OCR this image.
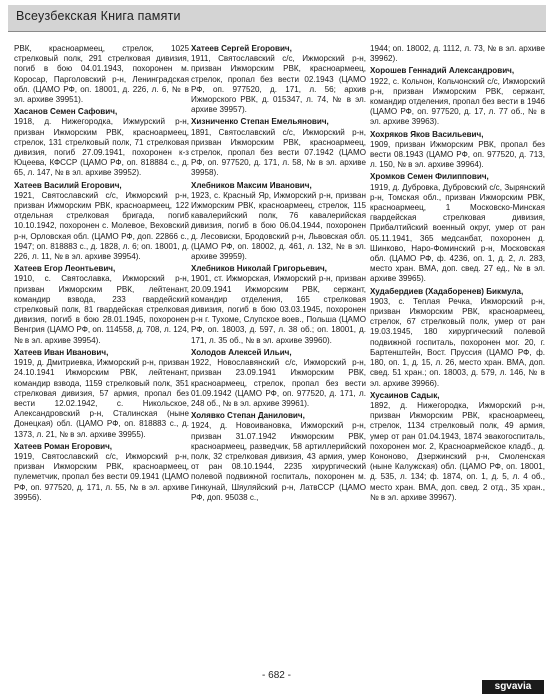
Всеузбекская Книга памяти
РВК, красноармеец, стрелок, 1025 стрелковый полк, 291 стрелковая дивизия, погиб в бою 04.01.1943, похоронен м. Коросар, Парголовский р-н, Ленинградская обл. (ЦАМО РФ, оп. 18001, д. 226, л. 6, № в эл. архиве 39951).
Хасанов Семен Сафович,
1918, д. Нижегородка, Ижмурский р-н, призван Ижморским РВК, красноармеец, стрелок, 131 стрелковый полк, 71 стрелковая дивизия, погиб 27.09.1941, похоронен к-з Юцеева, КФССР (ЦАМО РФ, оп. 818884 с., д. 65, л. 147, № в эл. архиве 39952).
Хатеев Василий Егорович,
1921, Святославский с/с, Ижморский р-н, призван Ижморским РВК, красноармеец, 122 отдельная стрелковая бригада, погиб 10.10.1942, похоронен с. Молевое, Веховский р-н, Орловская обл. (ЦАМО РФ, доп. 22866 с., 1947; оп. 818883 с., д. 1828, л. 6; оп. 18001, д. 226, л. 11, № в эл. архиве 39954).
Хатеев Егор Леонтьевич,
1910, с. Святославка, Ижморский р-н, призван Ижморским РВК, лейтенант, командир взвода, 233 гвардейский стрелковый полк, 81 гвардейская стрелковая дивизия, погиб в бою 28.01.1945, похоронен Венгрия (ЦАМО РФ, оп. 114558, д. 708, л. 124, № в эл. архиве 39954).
Хатеев Иван Иванович,
1919, д. Дмитриевка, Ижморский р-н, призван 24.10.1941 Ижморским РВК, лейтенант, командир взвода, 1159 стрелковый полк, 351 стрелковая дивизия, 57 армия, пропал без вести 12.02.1942, с. Никольское, Александровский р-н, Сталинская (ныне Донецкая) обл. (ЦАМО РФ, оп. 818883 с., д. 1373, л. 21, № в эл. архиве 39955).
Хатеев Роман Егорович,
1919, Святославский с/с, Ижморский р-н, призван Ижморским РВК, красноармеец, пулеметчик, пропал без вести 09.1941 (ЦАМО РФ, оп. 977520, д. 171, л. 55, № в эл. архиве 39956).
Хатеев Сергей Егорович,
1911, Святославский с/с, Ижморский р-н, призван Ижморским РВК, красноармеец, стрелок, пропал без вести 02.1943 (ЦАМО РФ, оп. 977520, д. 171, л. 56; архив Ижморского РВК, д. 015347, л. 74, № в эл. архиве 39957).
Хизниченко Степан Емельянович,
1891, Святославский с/с, Ижморский р-н, призван Ижморским РВК, красноармеец, стрелок, пропал без вести 07.1942 (ЦАМО РФ, оп. 977520, д. 171, л. 58, № в эл. архиве 39958).
Хлебников Максим Иванович,
1923, с. Красный Яр, Ижморский р-н, призван Ижморским РВК, красноармеец, стрелок, 115 кавалерийский полк, 76 кавалерийская дивизия, погиб в бою 06.04.1944, похоронен д. Лесовиски, Бродовский р-н, Львовская обл. (ЦАМО РФ, оп. 18002, д. 461, л. 132, № в эл. архиве 39959).
Хлебников Николай Григорьевич,
1901, ст. Ижморская, Ижморский р-н, призван 20.09.1941 Ижморским РВК, сержант, командир отделения, 165 стрелковая дивизия, погиб в бою 03.03.1945, похоронен р-н г. Тухоме, Слупское воев., Польша (ЦАМО РФ, оп. 18003, д. 597, л. 38 об.; оп. 18001, д. 171, л. 35 об., № в эл. архиве 39960).
Холодов Алексей Ильич,
1922, Новославянский с/с, Ижморский р-н, призван 23.09.1941 Ижморским РВК, красноармеец, стрелок, пропал без вести 01.09.1942 (ЦАМО РФ, оп. 977520, д. 171, л. 248 об., № в эл. архиве 39961).
Холявко Степан Данилович,
1924, д. Новоивановка, Ижморский р-н, призван 31.07.1942 Ижморским РВК, красноармеец, разведчик, 58 артиллерийский полк, 32 стрелковая дивизия, 43 армия, умер от ран 08.10.1944, 2235 хирургический полевой подвижной госпиталь, похоронен м. Гинкунай, Шяуляйский р-н, ЛатвССР (ЦАМО РФ, доп. 95038 с.,
1944; оп. 18002, д. 1112, л. 73, № в эл. архиве 39962).
Хорошев Геннадий Александрович,
1922, с. Кольчон, Кольчонский с/с, Ижморский р-н, призван Ижморским РВК, сержант, командир отделения, пропал без вести в 1946 (ЦАМО РФ, оп. 977520, д. 17, л. 77 об., № в эл. архиве 39963).
Хохряков Яков Васильевич,
1909, призван Ижморским РВК, пропал без вести 08.1943 (ЦАМО РФ, оп. 977520, д. 713, л. 150, № в эл. архиве 39964).
Хромков Семен Филиппович,
1919, д. Дубровка, Дубровский с/с, Зырянский р-н, Томская обл., призван Ижморским РВК, красноармеец, 1 Московско-Минская гвардейская стрелковая дивизия, Прибалтийский военный округ, умер от ран 05.11.1941, 365 медсанбат, похоронен д. Шинково, Наро-Фоминский р-н, Московская обл. (ЦАМО РФ, ф. 4236, оп. 1, д. 2, л. 283, место хран. ВМА, доп. свед. 27 ед., № в эл. архиве 39965).
Худабердиев (Хадаборенев) Бикмула,
1903, с. Теплая Речка, Ижморский р-н, призван Ижморским РВК, красноармеец, стрелок, 67 стрелковый полк, умер от ран 19.03.1945, 180 хирургический полевой подвижной госпиталь, похоронен мог. 20, г. Бартенштейн, Вост. Пруссия (ЦАМО РФ, ф. 180, оп. 1, д. 15, л. 26, место хран. ВМА, доп. свед. 51 хран.; оп. 18003, д. 579, л. 146, № в эл. архиве 39966).
Хусаинов Садык,
1892, д. Нижегородка, Ижморский р-н, призван Ижморским РВК, красноармеец, стрелок, 1134 стрелковый полк, 49 армия, умер от ран 01.04.1943, 1874 эвакогоспиталь, похоронен мог. 2, Красноармейское кладб., д. Кононово, Дзержинский р-н, Смоленская (ныне Калужская) обл. (ЦАМО РФ, оп. 18001, д. 535, л. 134; ф. 1874, оп. 1, д. 5, л. 4 об., место хран. ВМА, доп. свед. 2 отд., 35 хран., № в эл. архиве 39967).
- 682 -
sgvavia
